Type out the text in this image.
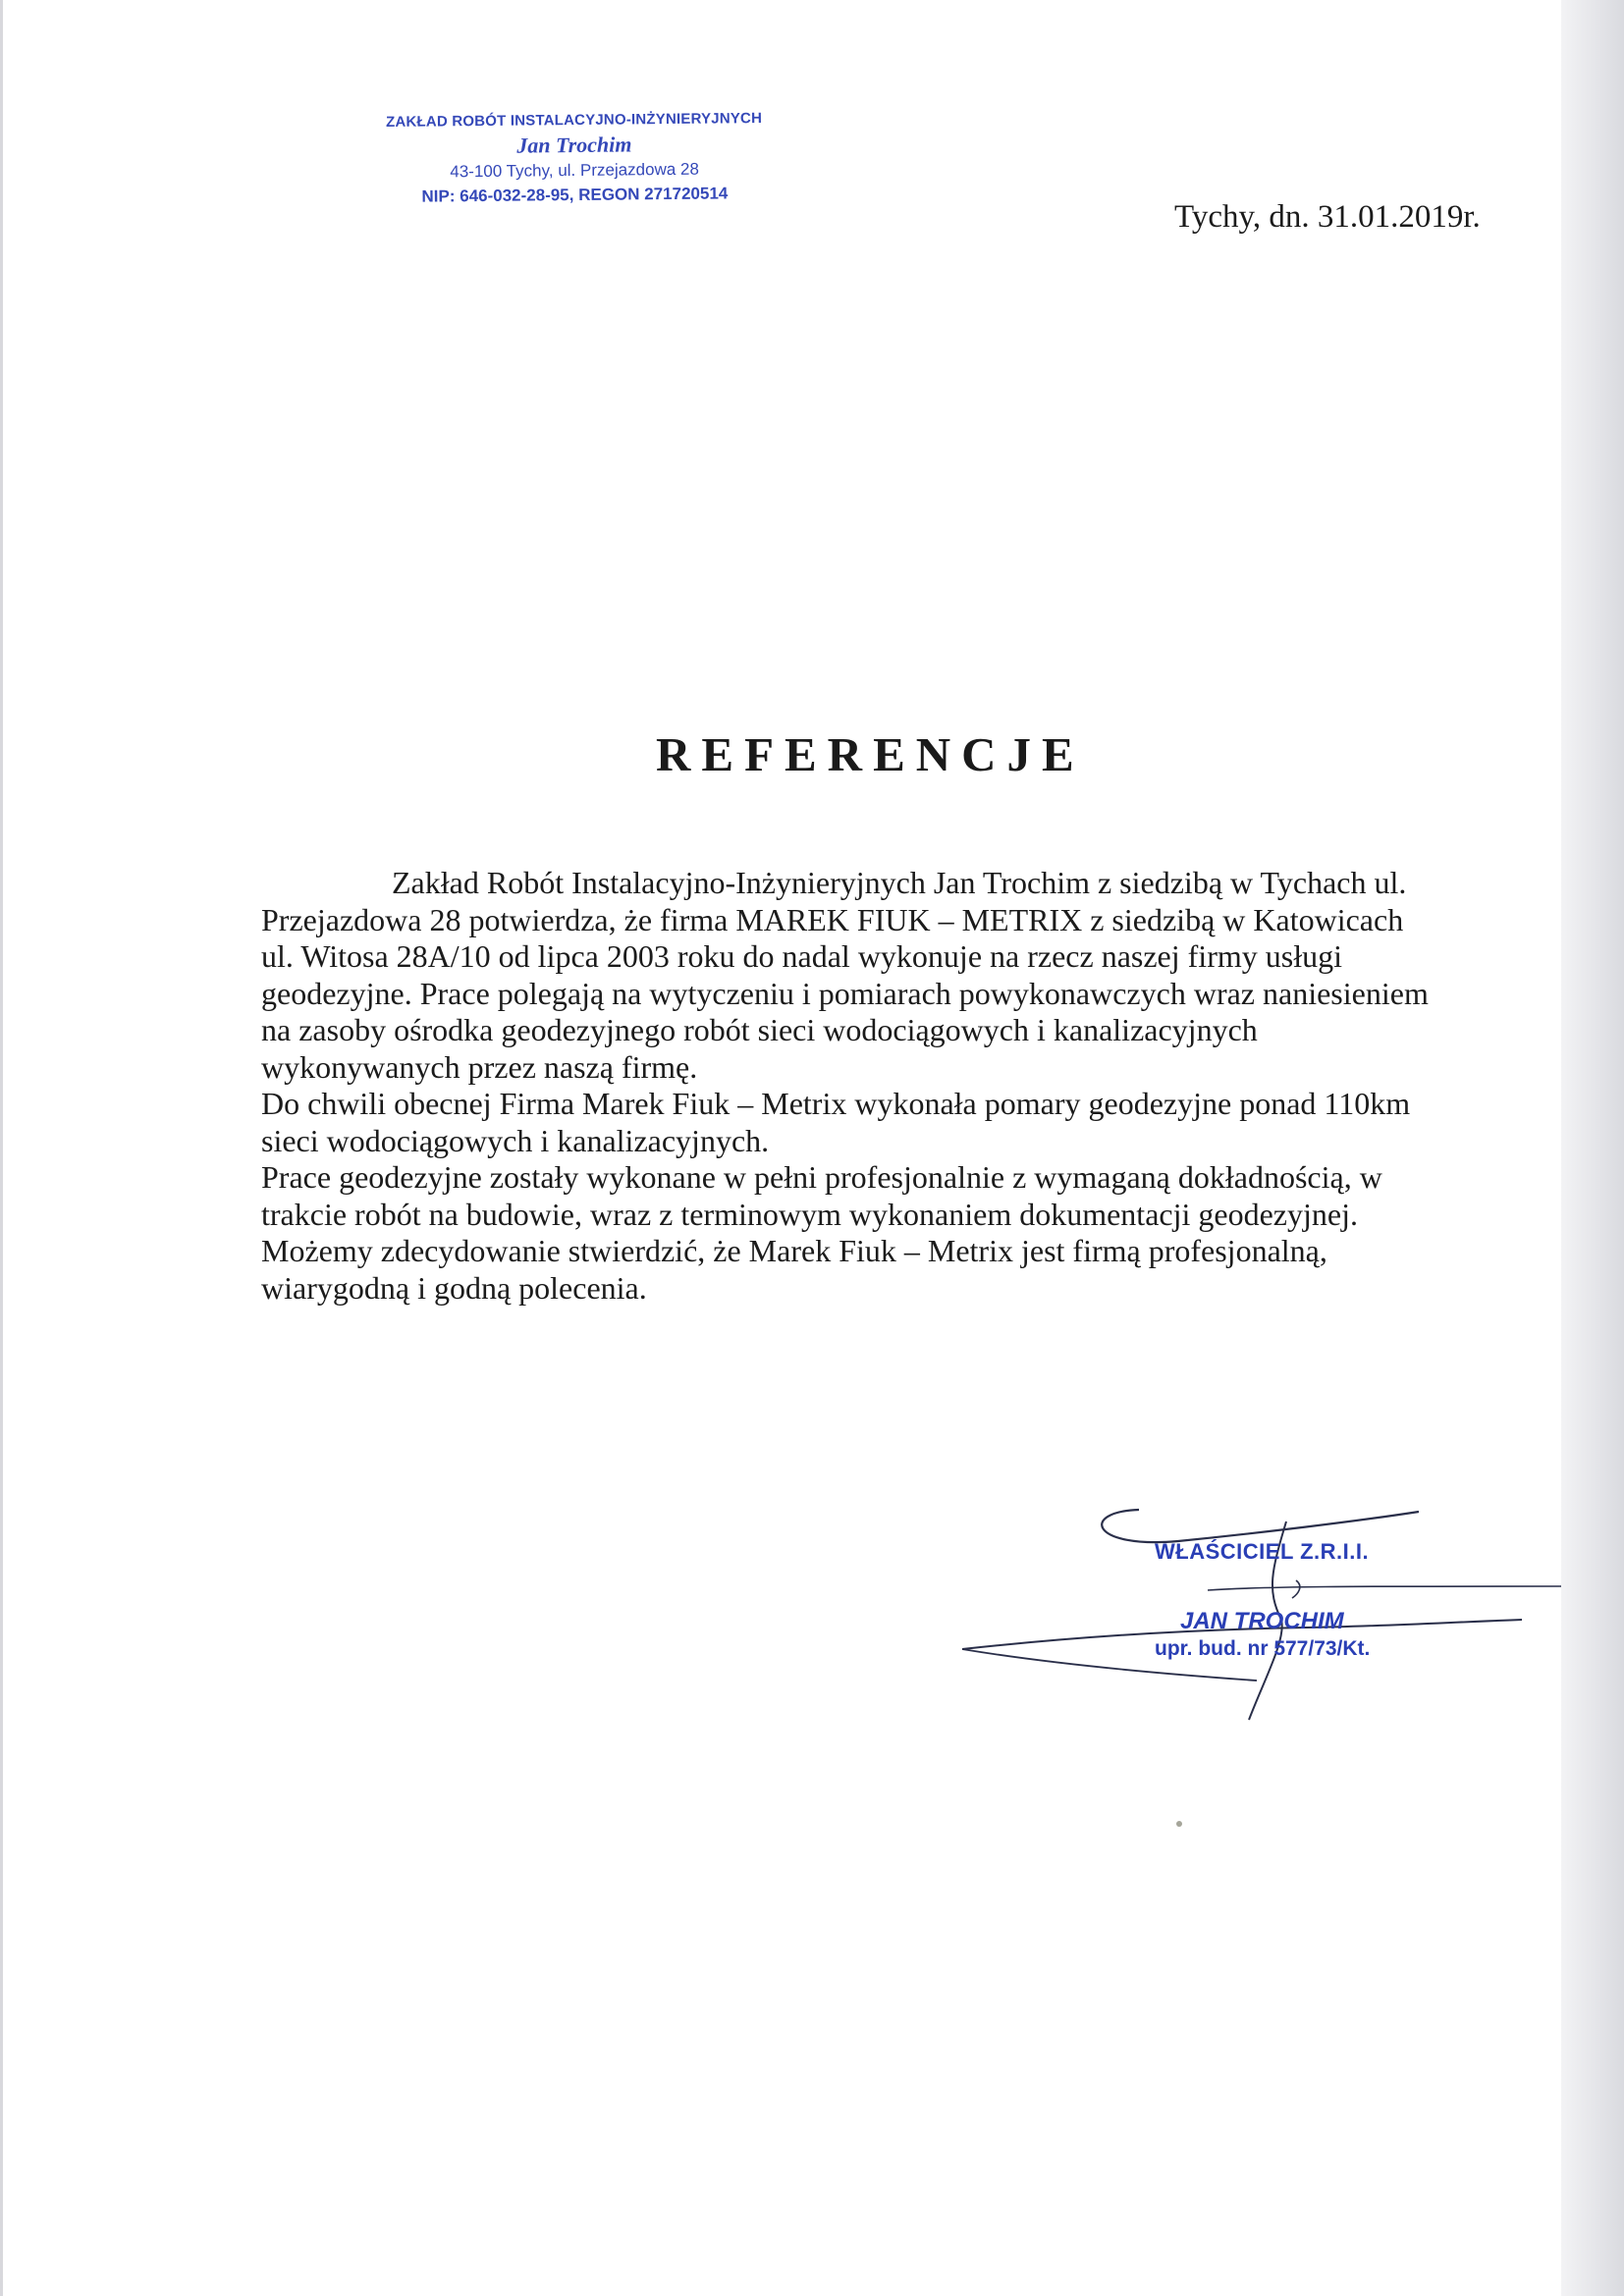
ZAKŁAD ROBÓT INSTALACYJNO-INŻYNIERYJNYCH
Jan Trochim
43-100 Tychy, ul. Przejazdowa 28
NIP: 646-032-28-95, REGON 271720514
Tychy, dn. 31.01.2019r.
REFERENCJE
Zakład Robót Instalacyjno-Inżynieryjnych Jan Trochim z siedzibą w Tychach ul.
Przejazdowa 28 potwierdza, że firma MAREK FIUK – METRIX z siedzibą w Katowicach
ul. Witosa 28A/10 od lipca 2003 roku do nadal wykonuje na rzecz naszej firmy usługi
geodezyjne. Prace polegają na wytyczeniu i pomiarach powykonawczych wraz naniesieniem
na zasoby ośrodka geodezyjnego robót sieci wodociągowych i kanalizacyjnych
wykonywanych przez naszą firmę.
Do chwili obecnej Firma Marek Fiuk – Metrix wykonała pomary geodezyjne ponad 110km
sieci wodociągowych i kanalizacyjnych.
Prace geodezyjne zostały wykonane w pełni profesjonalnie z wymaganą dokładnością, w
trakcie robót na budowie, wraz z terminowym wykonaniem dokumentacji geodezyjnej.
Możemy zdecydowanie stwierdzić, że Marek Fiuk – Metrix jest firmą profesjonalną,
wiarygodną i godną polecenia.
WŁAŚCICIEL Z.R.I.I.
JAN TROCHIM
upr. bud. nr 577/73/Kt.
